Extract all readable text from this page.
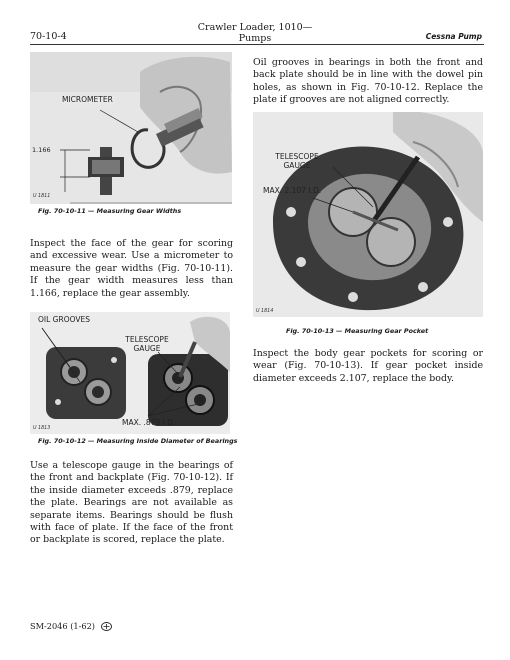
Crawler Loader, 1010—
Pumps
70-10-4	Cessna Pump
MICROMETER
1.166
U 1811
Fig. 70-10-11 — Measuring Gear Widths
Inspect the face of the gear for scoring and excessive wear. Use a micrometer to measure the gear widths (Fig. 70-10-11). If the gear width measures less than 1.166, replace the gear assembly.
OIL GROOVES
TELESCOPE
GAUGE
MAX. .879 I.D.
U 1813
Fig. 70-10-12 — Measuring Inside Diameter of Bearings
Use a telescope gauge in the bearings of the front and backplate (Fig. 70-10-12). If the inside diameter exceeds .879, replace the plate. Bearings are not available as separate items. Bearings should be flush with face of plate. If the face of the front or backplate is scored, replace the plate.
Oil grooves in bearings in both the front and back plate should be in line with the dowel pin holes, as shown in Fig. 70-10-12. Replace the plate if grooves are not aligned correctly.
TELESCOPE
GAUGE
MAX. 2.107 I.D.
U 1814
Fig. 70-10-13 — Measuring Gear Pocket
Inspect the body gear pockets for scoring or wear (Fig. 70-10-13). If gear pocket inside diameter exceeds 2.107, replace the body.
SM-2046 (1-62)
